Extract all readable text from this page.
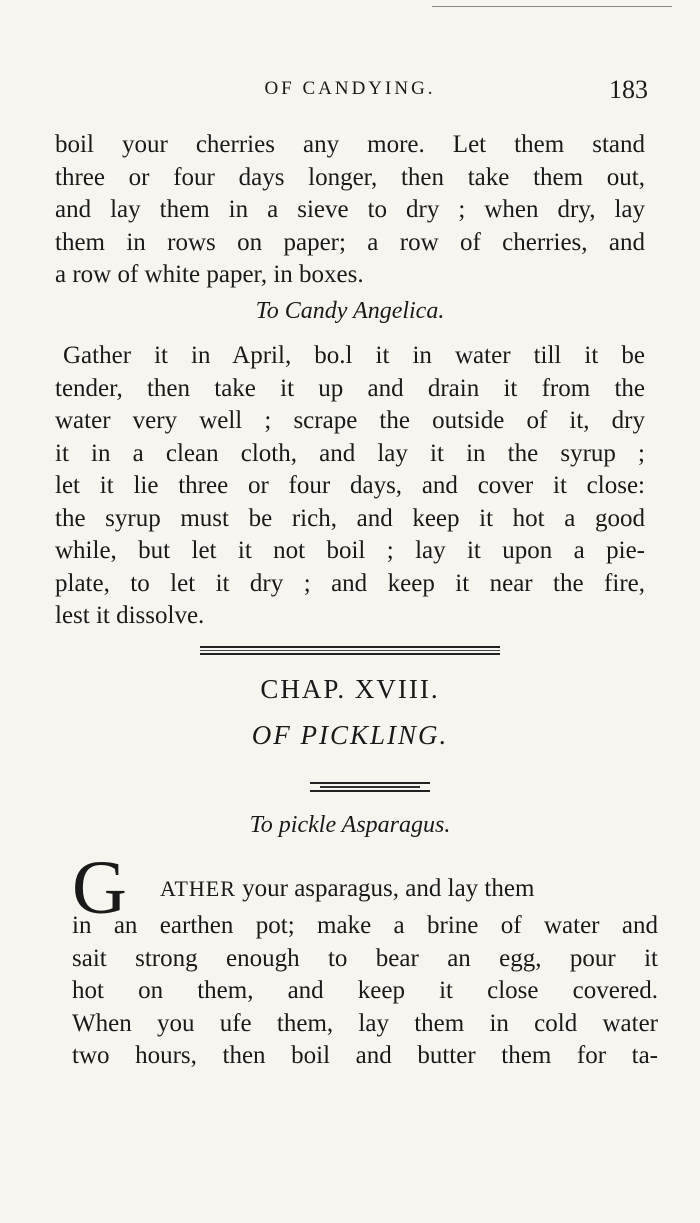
OF CANDYING.	183
boil your cherries any more. Let them stand
three or four days longer, then take them out,
and lay them in a sieve to dry ; when dry, lay
them in rows on paper; a row of cherries, and
a row of white paper, in boxes.
To Candy Angelica.
Gather it in April, bo.l it in water till it be
tender, then take it up and drain it from the
water very well ; scrape the outside of it, dry
it in a clean cloth, and lay it in the syrup ;
let it lie three or four days, and cover it close:
the syrup must be rich, and keep it hot a good
while, but let it not boil ; lay it upon a pie-
plate, to let it dry ; and keep it near the fire,
lest it dissolve.
CHAP. XVIII.
OF PICKLING.
To pickle Asparagus.
G ATHER your asparagus, and lay them
in an earthen pot; make a brine of water and
sait strong enough to bear an egg, pour it
hot on them, and keep it close covered.
When you ufe them, lay them in cold water
two hours, then boil and butter them for ta-
